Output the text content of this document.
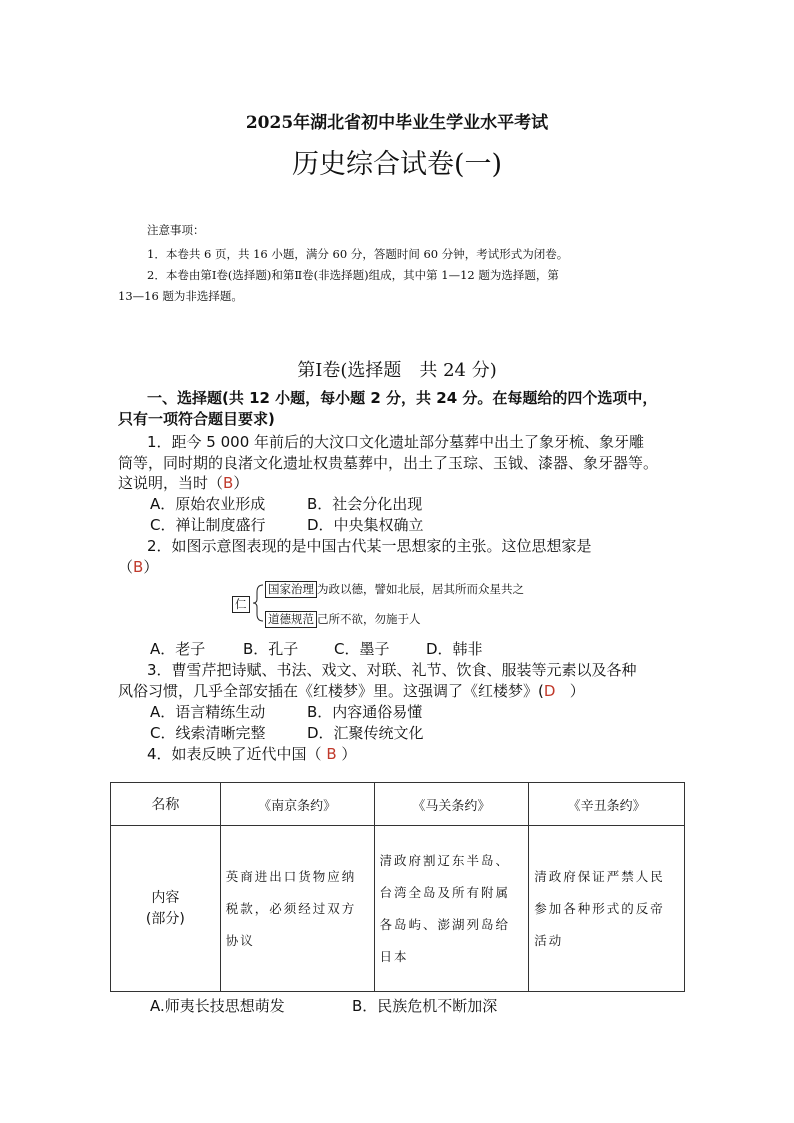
2025年湖北省初中毕业生学业水平考试
历史综合试卷(一)
注意事项：
1．本卷共 6 页，共 16 小题，满分 60 分，答题时间 60 分钟，考试形式为闭卷。
2．本卷由第Ⅰ卷(选择题)和第Ⅱ卷(非选择题)组成，其中第 1—12 题为选择题，第
13—16 题为非选择题。
第Ⅰ卷(选择题　共 24 分)
一、选择题(共 12 小题，每小题 2 分，共 24 分。在每题给的四个选项中，
只有一项符合题目要求)
1．距今 5 000 年前后的大汶口文化遗址部分墓葬中出土了象牙梳、象牙雕
筒等，同时期的良渚文化遗址权贵墓葬中，出土了玉琮、玉钺、漆器、象牙器等。
这说明，当时（B）
A．原始农业形成	B．社会分化出现
C．禅让制度盛行	D．中央集权确立
2．如图示意图表现的是中国古代某一思想家的主张。这位思想家是
（B）
仁
国家治理 为政以德，譬如北辰，居其所而众星共之
道德规范 己所不欲，勿施于人
A．老子	B．孔子 C．墨子 D．韩非
3．曹雪芹把诗赋、书法、戏文、对联、礼节、饮食、服装等元素以及各种
风俗习惯，几乎全部安插在《红楼梦》里。这强调了《红楼梦》(D ）
A．语言精练生动	B．内容通俗易懂
C．线索清晰完整	D．汇聚传统文化
4．如表反映了近代中国（ B ）
名称	《南京条约》	《马关条约》	《辛丑条约》

内容
(部分)	英商进出口货物应纳税款，必须经过双方协议	清政府割辽东半岛、台湾全岛及所有附属各岛屿、澎湖列岛给日本	清政府保证严禁人民参加各种形式的反帝活动
A.师夷长技思想萌发	B．民族危机不断加深
